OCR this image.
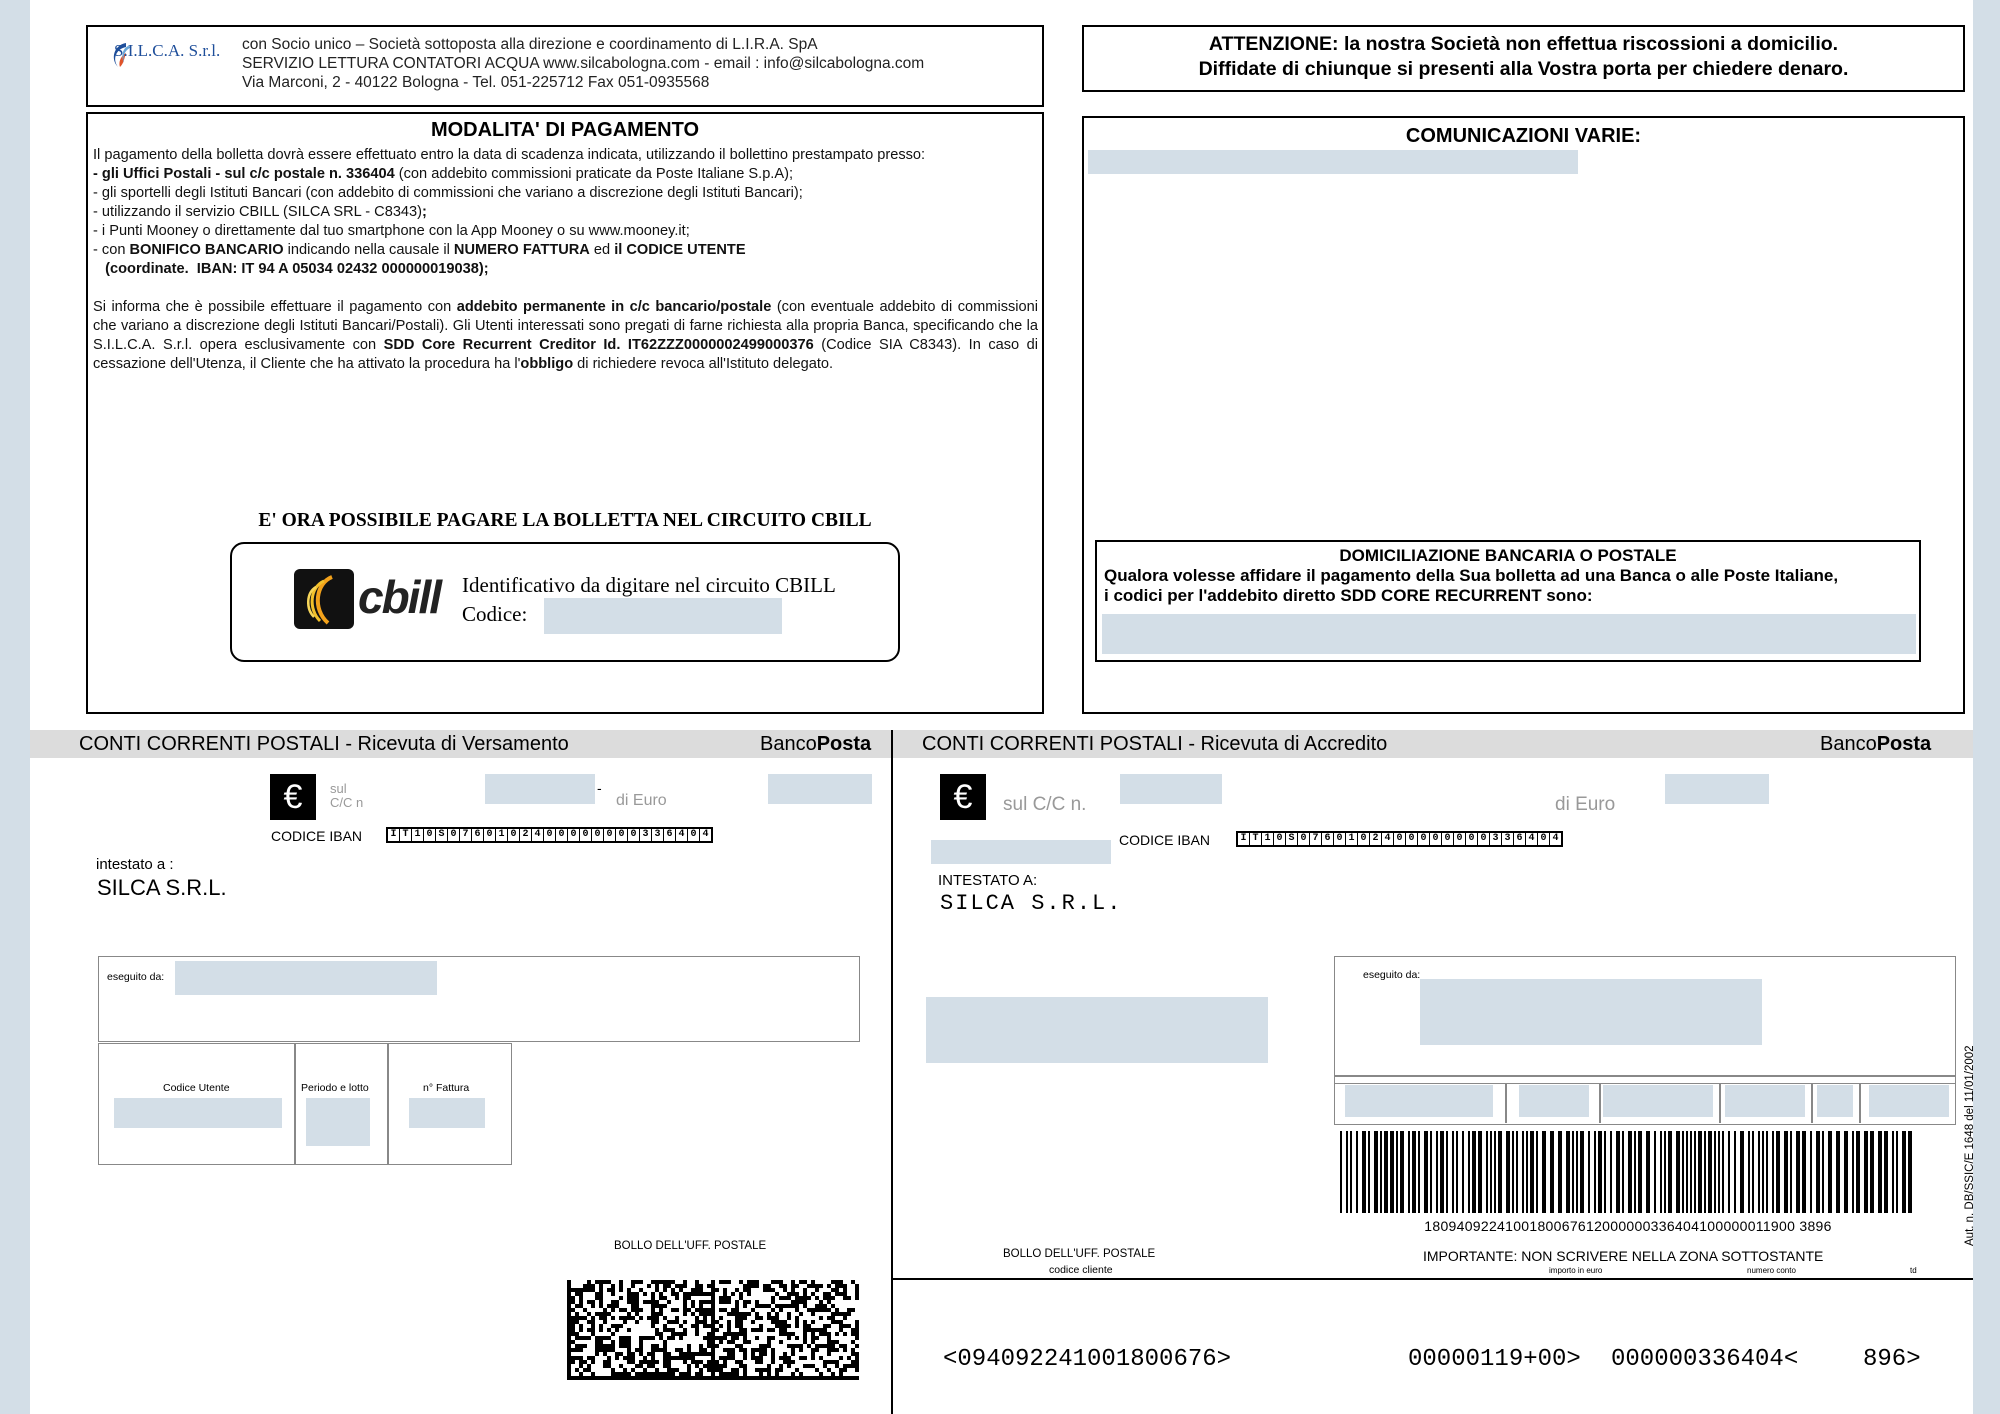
S.I.L.C.A. S.r.l. con Socio unico – Società sottoposta alla direzione e coordinamento di L.I.R.A. SpA
SERVIZIO LETTURA CONTATORI ACQUA www.silcabologna.com - email : info@silcabologna.com
Via Marconi, 2 - 40122 Bologna - Tel. 051-225712 Fax 051-0935568
ATTENZIONE: la nostra Società non effettua riscossioni a domicilio.
Diffidate di chiunque si presenti alla Vostra porta per chiedere denaro.
MODALITA' DI PAGAMENTO
Il pagamento della bolletta dovrà essere effettuato entro la data di scadenza indicata, utilizzando il bollettino prestampato presso:
- gli Uffici Postali - sul c/c postale n. 336404 (con addebito commissioni praticate da Poste Italiane S.p.A);
- gli sportelli degli Istituti Bancari (con addebito di commissioni che variano a discrezione degli Istituti Bancari);
- utilizzando il servizio CBILL (SILCA SRL - C8343);
- i Punti Mooney o direttamente dal tuo smartphone con la App Mooney o su www.mooney.it;
- con BONIFICO BANCARIO indicando nella causale il NUMERO FATTURA ed il CODICE UTENTE
(coordinate.  IBAN: IT 94 A 05034 02432 000000019038);
Si informa che è possibile effettuare il pagamento con addebito permanente in c/c bancario/postale (con eventuale addebito di commissioni che variano a discrezione degli Istituti Bancari/Postali). Gli Utenti interessati sono pregati di farne richiesta alla propria Banca, specificando che la S.I.L.C.A. S.r.l. opera esclusivamente con SDD Core Recurrent Creditor Id. IT62ZZZ0000002499000376 (Codice SIA C8343). In caso di cessazione dell'Utenza, il Cliente che ha attivato la procedura ha l'obbligo di richiedere revoca all'Istituto delegato.
E' ORA POSSIBILE PAGARE LA BOLLETTA NEL CIRCUITO CBILL
cbill Identificativo da digitare nel circuito CBILL
Codice:
COMUNICAZIONI VARIE:
DOMICILIAZIONE BANCARIA O POSTALE
Qualora volesse affidare il pagamento della Sua bolletta ad una Banca o alle Poste Italiane,
i codici per l'addebito diretto SDD CORE RECURRENT sono:
CONTI CORRENTI POSTALI - Ricevuta di Versamento	BancoPosta	CONTI CORRENTI POSTALI - Ricevuta di Accredito	BancoPosta
€	sul C/C n
-
di Euro
CODICE IBAN	I T 1 0 S 0 7 6 0 1 0 2 4 0 0 0 0 0 0 0 0 3 3 6 4 0 4
intestato a :
SILCA S.R.L.
eseguito da:
Codice Utente	Periodo e lotto	n° Fattura
BOLLO DELL'UFF. POSTALE
€	sul C/C n.	di Euro
CODICE IBAN	I T 1 0 S 0 7 6 0 1 0 2 4 0 0 0 0 0 0 0 0 3 3 6 4 0 4
INTESTATO A:
SILCA S.R.L.
eseguito da:
1809409224100180067612000000336404100000011900 3896
BOLLO DELL'UFF. POSTALE
codice cliente
IMPORTANTE: NON SCRIVERE NELLA ZONA SOTTOSTANTE
importo in euro	numero conto	td
<094092241001800676>	00000119+00> 000000336404<	896>
Aut. n. DB/SSIC/E 1648 del 11/01/2002
